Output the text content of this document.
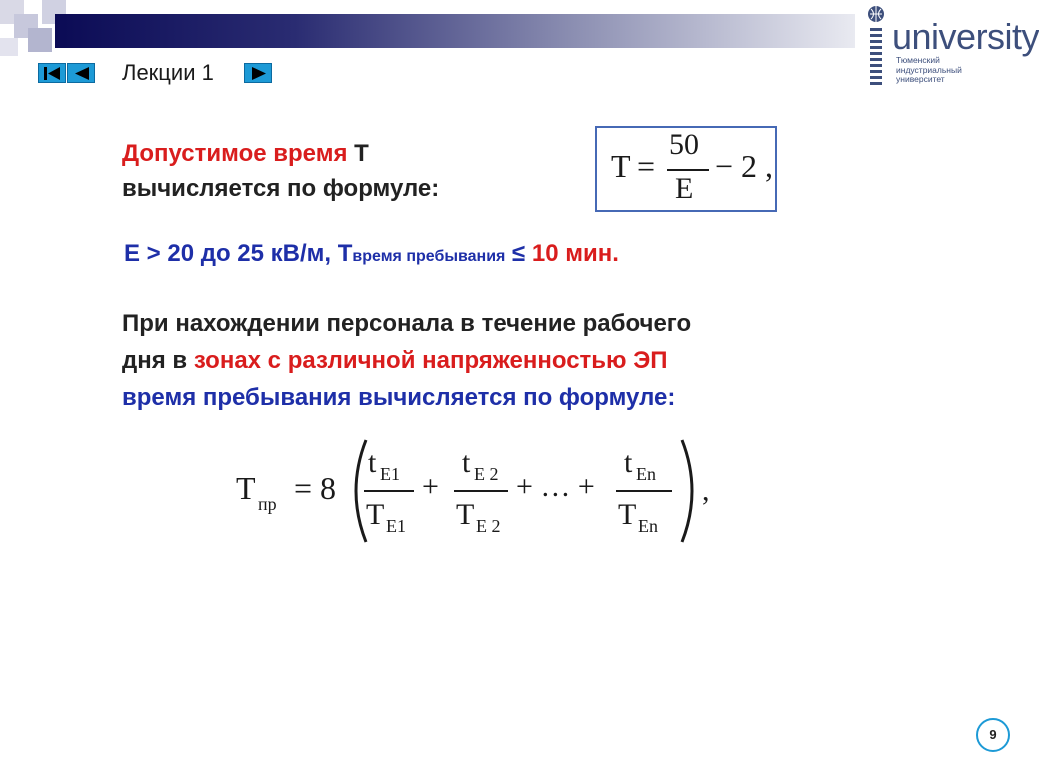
Лекции 1
university
Тюменский
индустриальный
университет
Допустимое время T
вычисляется по формуле:
T =
50
E
− 2 ,
E > 20 до 25 кВ/м, Tвремя пребывания ≤ 10 мин.
При нахождении персонала в течение рабочего
дня в зонах с различной напряженностью ЭП
время пребывания вычисляется по формуле:
T пр = 8
t E1
T E1
+
t E 2
T E 2
+ … +
t En
T En
,
9
